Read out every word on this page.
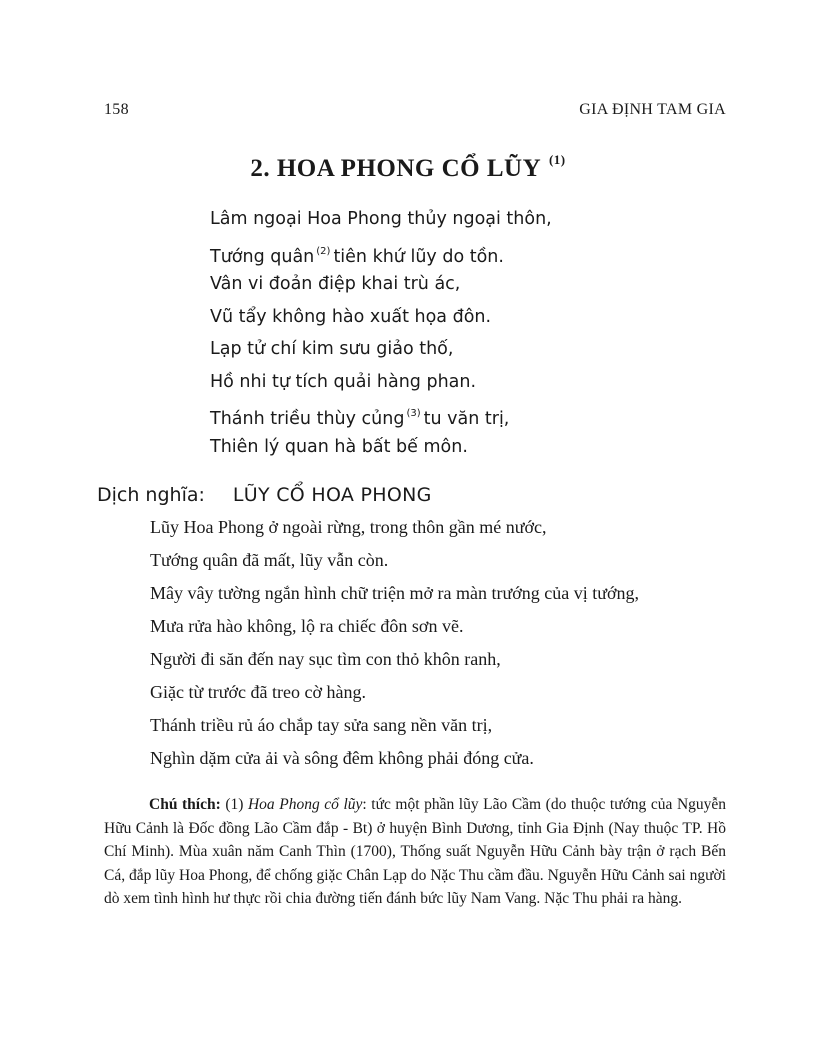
158	GIA ĐỊNH TAM GIA
2. HOA PHONG CỔ LŨY $^{(1)}$
Lâm ngoại Hoa Phong thủy ngoại thôn,
Tướng quân $^{(2)}$ tiên khứ lũy do tồn.
Vân vi đoản điệp khai trù ác,
Vũ tẩy không hào xuất họa đôn.
Lạp tử chí kim sưu giảo thố,
Hồ nhi tự tích quải hàng phan.
Thánh triều thùy củng $^{(3)}$ tu văn trị,
Thiên lý quan hà bất bế môn.
Dịch nghĩa: LŨY CỔ HOA PHONG
Lũy Hoa Phong ở ngoài rừng, trong thôn gần mé nước,
Tướng quân đã mất, lũy vẫn còn.
Mây vây tường ngắn hình chữ triện mở ra màn trướng của vị tướng,
Mưa rửa hào không, lộ ra chiếc đôn sơn vẽ.
Người đi săn đến nay sục tìm con thỏ khôn ranh,
Giặc từ trước đã treo cờ hàng.
Thánh triều rủ áo chắp tay sửa sang nền văn trị,
Nghìn dặm cửa ải và sông đêm không phải đóng cửa.
Chú thích: (1) Hoa Phong cổ lũy: tức một phần lũy Lão Cầm (do thuộc tướng của Nguyễn Hữu Cảnh là Đốc đồng Lão Cầm đắp - Bt) ở huyện Bình Dương, tỉnh Gia Định (Nay thuộc TP. Hồ Chí Minh). Mùa xuân năm Canh Thìn (1700), Thống suất Nguyễn Hữu Cảnh bày trận ở rạch Bến Cá, đắp lũy Hoa Phong, để chống giặc Chân Lạp do Nặc Thu cầm đầu. Nguyễn Hữu Cảnh sai người dò xem tình hình hư thực rồi chia đường tiến đánh bức lũy Nam Vang. Nặc Thu phải ra hàng.
